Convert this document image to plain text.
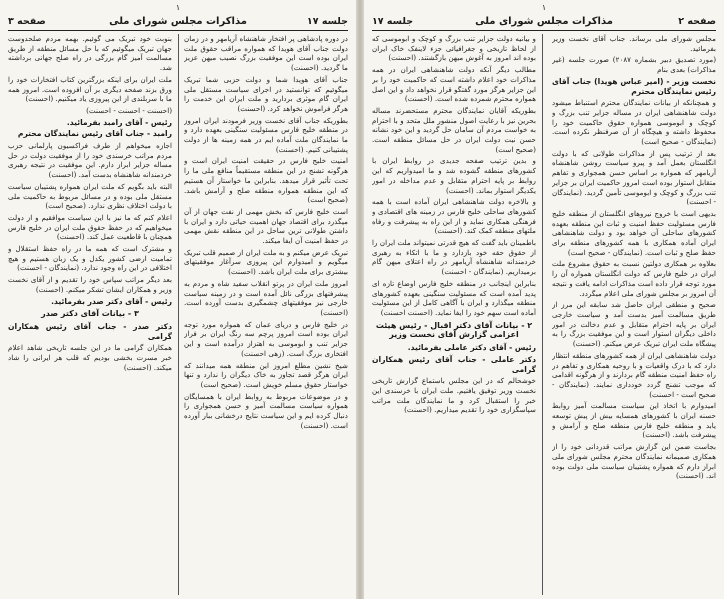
۱
جلسه ۱۷
مذاکرات مجلس شورای ملی
صفحه ۳

در دوره پادشاهی پر افتخار شاهنشاه آریامهر و در زمان دولت جناب آقای هویدا که همواره مراقب حقوق ملت ایران بوده است این موفقیت بزرگ نصیب میهن عزیز ما گردید. (احسنت)

جناب آقای هویدا شما و دولت حزبی شما تبریک میگوئیم که توانستید در اجرای سیاست مستقل ملی ایران گام موثری بردارید و ملت ایران این خدمت را هرگز فراموش نخواهد کرد. (احسنت)

بطوریکه جناب آقای نخست وزیر فرمودند ایران امروز در منطقه خلیج فارس مسئولیت سنگینی بعهده دارد و ما نمایندگان ملت آماده ایم در همه زمینه ها از دولت پشتیبانی کنیم. (احسنت)

امنیت خلیج فارس در حقیقت امنیت ایران است و هرگونه تشنج در این منطقه مستقیماً منافع ملی ما را تحت تأثیر قرار میدهد. بنابراین ما خواستار آن هستیم که این منطقه همواره منطقه صلح و آرامش باشد. (صحیح است)

است خلیج فارس که بخش مهمی از نفت جهان از آن میگذرد برای اقتصاد جهان اهمیت حیاتی دارد و ایران با داشتن طولانی ترین ساحل در این منطقه نقش مهمی در حفظ امنیت آن ایفا میکند.

تبریک عرض میکنم و به ملت ایران از صمیم قلب تبریک میگویم و امیدوارم این پیروزی سرآغاز موفقیتهای بیشتری برای ملت ایران باشد. (احسنت)

امروز ملت ایران در پرتو انقلاب سفید شاه و مردم به پیشرفتهای بزرگی نائل آمده است و در زمینه سیاست خارجی نیز موفقیتهای چشمگیری بدست آورده است. (احسنت)

در خلیج فارس و دریای عمان که همواره مورد توجه ایران بوده است امروز پرچم سه رنگ ایران بر فراز جزایر تنب و ابوموسی به اهتزاز درآمده است و این افتخاری بزرگ است. (زهی احسنت)

شیخ نشین مطلع امروز این منطقه همه میدانند که ایران هرگز قصد تجاوز به خاک دیگران را ندارد و تنها خواستار حقوق مسلم خویش است. (صحیح است)

و در موضوعات مربوط به روابط ایران با همسایگان همواره سیاست مسالمت آمیز و حسن همجواری را دنبال کرده ایم و این سیاست نتایج درخشانی ببار آورده است. (احسنت)

بنوبت خود تبریک می گوئیم. بهمه مردم صلحدوست جهان تبریک میگوئیم که با حل مسائل منطقه از طریق مسالمت آمیز گام بزرگی در راه صلح جهانی برداشته شد.

ملت ایران برای اینکه بزرگترین کتاب افتخارات خود را ورق بزند صفحه دیگری بر آن افزوده است. امروز همه ما با سربلندی از این پیروزی یاد میکنیم. (احسنت)

(احسنت - احسنت - احسنت)

رئیس - آقای رامبد بفرمائید.

رامبد - جناب آقای رئیس نمایندگان محترم

اجازه میخواهم از طرف فراکسیون پارلمانی حزب مردم مراتب خرسندی خود را از موفقیت دولت در حل مساله جزایر ابراز دارم. این موفقیت در نتیجه رهبری خردمندانه شاهنشاه بدست آمد. (احسنت)

البته باید بگویم که ملت ایران همواره پشتیبان سیاست مستقل ملی بوده و در مسائل مربوط به حاکمیت ملی با دولت اختلاف نظری ندارد. (صحیح است)

اعلام کنم که ما نیز با این سیاست موافقیم و از دولت میخواهیم که در حفظ حقوق ملت ایران در خلیج فارس همچنان با قاطعیت عمل کند. (احسنت)

و مشترک است که همه ما در راه حفظ استقلال و تمامیت ارضی کشور یکدل و یک زبان هستیم و هیچ اختلافی در این راه وجود ندارد. (نمایندگان - احسنت)

بعد دیگر مراتب سپاس خود را تقدیم و از آقای نخست وزیر و همکاران ایشان تشکر میکنم. (احسنت)

رئیس - آقای دکتر صدر بفرمائید.

۳ - بیانات آقای دکتر صدر

دکتر صدر - جناب آقای رئیس همکاران گرامی

همکاران گرامی ما در این جلسه تاریخی شاهد اعلام خبر مسرت بخشی بودیم که قلب هر ایرانی را شاد میکند. (احسنت)

۱
صفحه ۲
مذاکرات مجلس شورای ملی
جلسه ۱۷

مجلس شورای ملی برساند. جناب آقای نخست وزیر بفرمائید.

(مورد تصدیق دبیر بشماره ۲۰۸۷) صورت جلسه (غیر مذاکرات) بعدی بنام

نخست وزیر - (امیر عباس هویدا) جناب آقای رئیس نمایندگان محترم

و همچنانکه از بیانات نمایندگان محترم استنباط میشود دولت شاهنشاهی ایران در مساله جزایر تنب بزرگ و کوچک و ابوموسی همواره حقوق حاکمیت خود را محفوظ داشته و هیچگاه از آن صرفنظر نکرده است. (نمایندگان - صحیح است)

بعد از ترتیب پس از مذاکرات طولانی که با دولت انگلستان بعمل آمد و پیرو سیاست روشن شاهنشاه آریامهر که همواره بر اساس حسن همجواری و تفاهم متقابل استوار بوده است امروز حاکمیت ایران بر جزایر تنب بزرگ و کوچک و ابوموسی تأمین گردید. (نمایندگان - احسنت)

بدیهی است با خروج نیروهای انگلستان از منطقه خلیج فارس مسئولیت حفظ امنیت و ثبات این منطقه بعهده کشورهای ساحلی آن خواهد بود و دولت شاهنشاهی ایران آماده همکاری با همه کشورهای منطقه برای حفظ صلح و ثبات است. (نمایندگان - صحیح است)

بعلاوه بر همکاری دولتین نسبت به حقوق مشروع ملت ایران در خلیج فارس که دولت انگلستان همواره آن را مورد توجه قرار داده است مذاکرات ادامه یافت و نتیجه آن امروز بر مجلس شورای ملی اعلام میگردد.

صحیح و منطقی ایران حاصل شد سابقه این مرز از طریق مسالمت آمیز بدست آمد و سیاست خارجی ایران بر پایه احترام متقابل و عدم دخالت در امور داخلی دیگران استوار است و این موفقیت بزرگ را به پیشگاه ملت ایران تبریک عرض میکنم. (احسنت)

دولت شاهنشاهی ایران از همه کشورهای منطقه انتظار دارد که با درک واقعیات و با روحیه همکاری و تفاهم در راه حفظ امنیت منطقه گام بردارند و از هرگونه اقدامی که موجب تشنج گردد خودداری نمایند. (نمایندگان - صحیح است - احسنت)

امیدوارم با اتخاذ این سیاست مسالمت آمیز روابط حسنه ایران با کشورهای همسایه بیش از پیش توسعه یابد و منطقه خلیج فارس منطقه صلح و آرامش و پیشرفت باشد. (احسنت)

بجاست ضمن این گزارش مراتب قدردانی خود را از همکاری صمیمانه نمایندگان محترم مجلس شورای ملی ابراز دارم که همواره پشتیبان سیاست ملی دولت بوده اند. (احسنت)

و بیانیه دولت جزایر تنب بزرگ و کوچک و ابوموسی که از لحاظ تاریخی و جغرافیائی جزء لاینفک خاک ایران بوده اند امروز به آغوش میهن بازگشتند. (احسنت)

مطالب دیگر آنکه دولت شاهنشاهی ایران در همه مذاکرات خود اعلام داشته است که حاکمیت خود را بر این جزایر هرگز مورد گفتگو قرار نخواهد داد و این اصل همواره محترم شمرده شده است. (احسنت)

بطوریکه آقایان نمایندگان محترم مستحضرند مساله بحرین نیز با رعایت اصول منشور ملل متحد و با احترام به خواست مردم آن سامان حل گردید و این خود نشانه حسن نیت دولت ایران در حل مسائل منطقه است. (صحیح است)

و بدین ترتیب صفحه جدیدی در روابط ایران با کشورهای منطقه گشوده شد و ما امیدواریم که این روابط بر پایه احترام متقابل و عدم مداخله در امور یکدیگر استوار بماند. (احسنت)

و بالاخره دولت شاهنشاهی ایران آماده است با همه کشورهای ساحلی خلیج فارس در زمینه های اقتصادی و فرهنگی همکاری نماید و از این راه به پیشرفت و رفاه ملتهای منطقه کمک کند. (احسنت)

باطمینان باید گفت که هیچ قدرتی نمیتواند ملت ایران را از حقوق حقه خود بازدارد و ما با اتکاء به رهبری خردمندانه شاهنشاه آریامهر در راه اعتلای میهن گام برمیداریم. (نمایندگان - احسنت)

بنابراین اینجانب در منطقه خلیج فارس اوضاع تازه ای پدید آمده است که مسئولیت سنگینی بعهده کشورهای منطقه میگذارد و ایران با آگاهی کامل از این مسئولیت آماده است سهم خود را ایفا نماید. (احسنت احسنت)

۲ - بیانات آقای دکتر اقبال - رئیس هیئت اعزامی گزارش آقای نخست وزیر

رئیس - آقای دکتر عاملی بفرمائید.

دکتر عاملی - جناب آقای رئیس همکاران گرامی

خوشحالم که در این مجلس باستماع گزارش تاریخی نخست وزیر توفیق یافتیم. ملت ایران با خرسندی این خبر را استقبال کرد و ما نمایندگان ملت مراتب سپاسگزاری خود را تقدیم میداریم. (احسنت)
